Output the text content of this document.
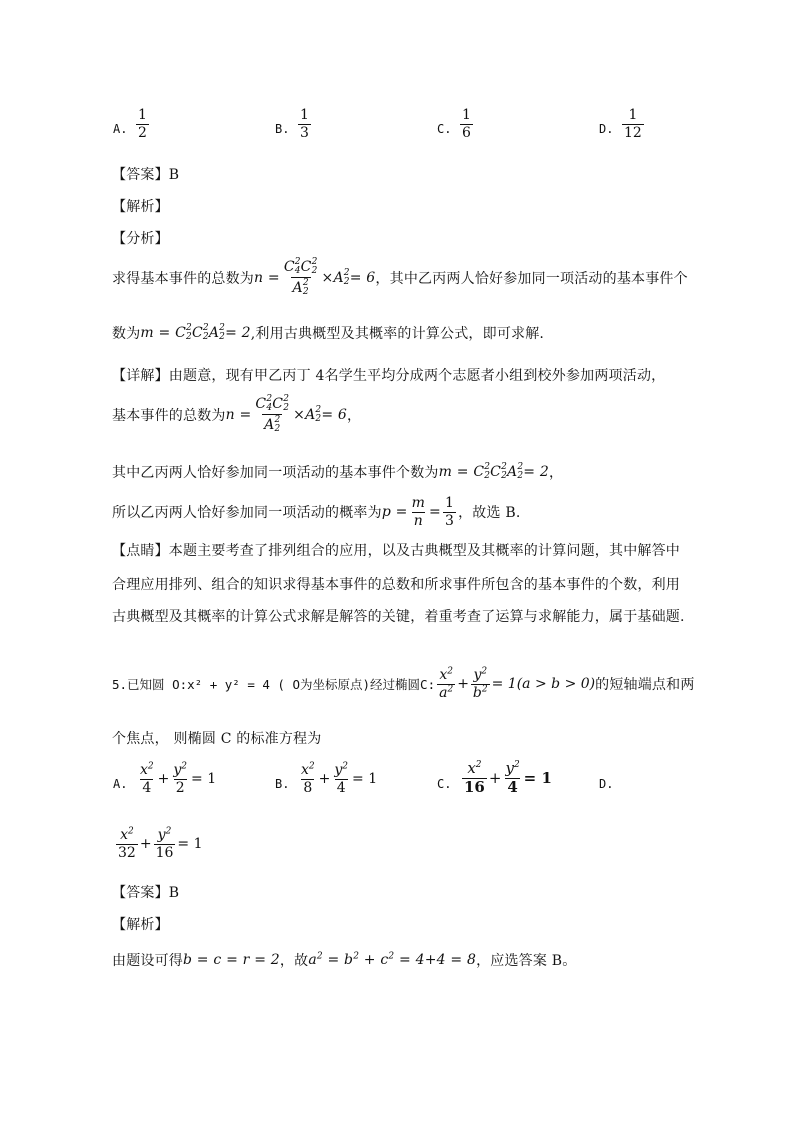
A. $\frac{1}{2}$	B. $\frac{1}{3}$	C. $\frac{1}{6}$	D. $\frac{1}{12}$
【答案】B
【解析】
【分析】
求得基本事件的总数为 n = C 2
4 C 2
2
A 2
2 ×A 2
2 = 6 ，其中乙丙两人恰好参加同一项活动的基本事件个
数为 m = C 2
2 C 2
2 A 2
2 = 2 ,利用古典概型及其概率的计算公式，即可求解.
【详解】由题意，现有甲乙丙丁 4名学生平均分成两个志愿者小组到校外参加两项活动，
基本事件的总数为 n = C 2
4 C 2
2
A 2
2 ×A 2
2 = 6 ，
其中乙丙两人恰好参加同一项活动的基本事件个数为 m = C 2
2 C 2
2 A 2
2 = 2 ，
所以乙丙两人恰好参加同一项活动的概率为 $p = \frac{m}{n} = \frac{1}{3}$ ，故选 B.
【点睛】本题主要考查了排列组合的应用，以及古典概型及其概率的计算问题，其中解答中
合理应用排列、组合的知识求得基本事件的总数和所求事件所包含的基本事件的个数，利用
古典概型及其概率的计算公式求解是解答的关键，着重考查了运算与求解能力，属于基础题.
5.已知圆 O:x² + y² = 4 ( O为坐标原点)经过椭圆C: $\frac{x^2}{a^2} + \frac{y^2}{b^2} = 1(a > b > 0)$ 的短轴端点和两
个焦点， 则椭圆 C 的标准方程为
A. $\frac{x^2}{4} + \frac{y^2}{2} = 1$	B. $\frac{x^2}{8} + \frac{y^2}{4} = 1$	C. $\frac{x^2}{16} + \frac{y^2}{4} = 1$	D.
$\frac{x^2}{32} + \frac{y^2}{16} = 1$
【答案】B
【解析】
由题设可得 b = c = r = 2 ，故 $a^2 = b^2 + c^2 = 4+4 = 8$ ，应选答案 B。
